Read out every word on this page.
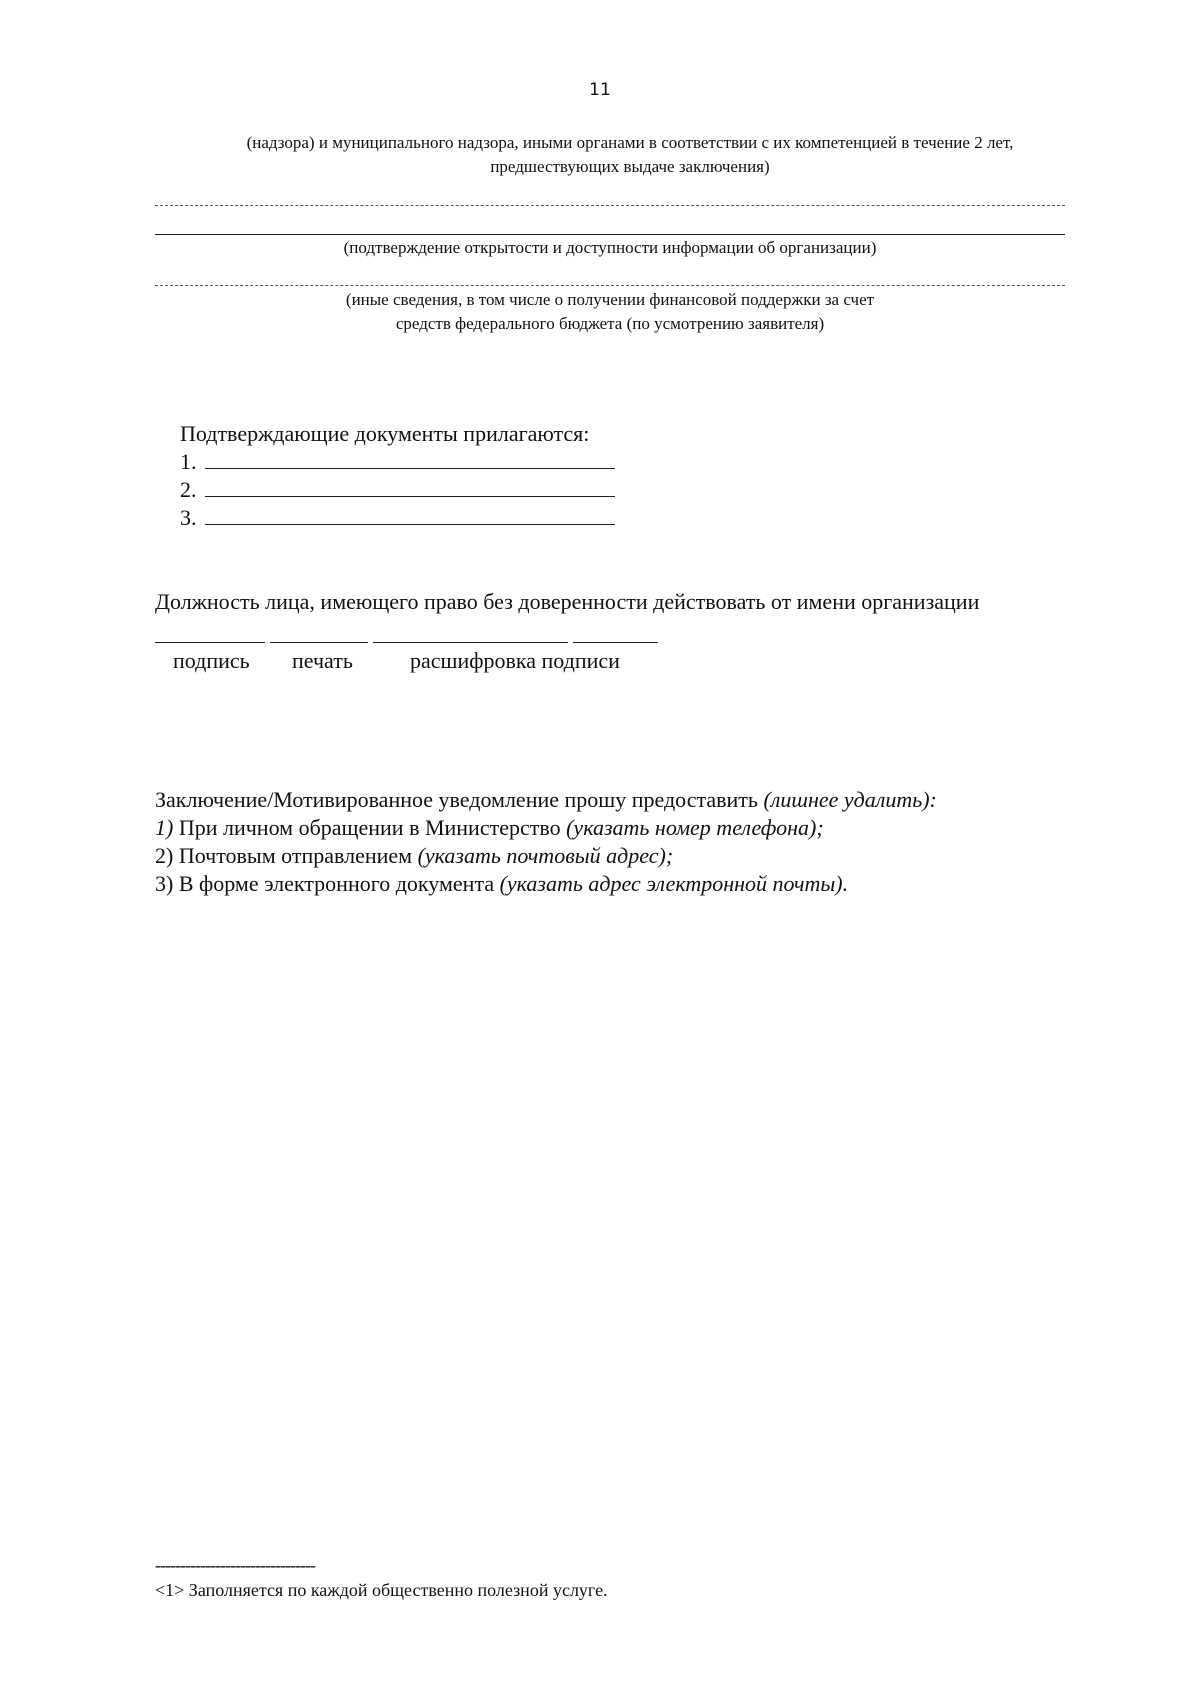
11
(надзора) и муниципального надзора, иными органами в соответствии с их компетенцией в течение 2 лет,
предшествующих выдаче заключения)
(подтверждение открытости и доступности информации об организации)
(иные сведения, в том числе о получении финансовой поддержки за счет
средств федерального бюджета (по усмотрению заявителя)
Подтверждающие документы прилагаются:
1.
2.
3.
Должность лица, имеющего право без доверенности действовать от имени организации
подпись печать	расшифровка подписи
Заключение/Мотивированное уведомление прошу предоставить (лишнее удалить):
1) При личном обращении в Министерство (указать номер телефона);
2) Почтовым отправлением (указать почтовый адрес);
3) В форме электронного документа (указать адрес электронной почты).
--------------------------------
<1> Заполняется по каждой общественно полезной услуге.
